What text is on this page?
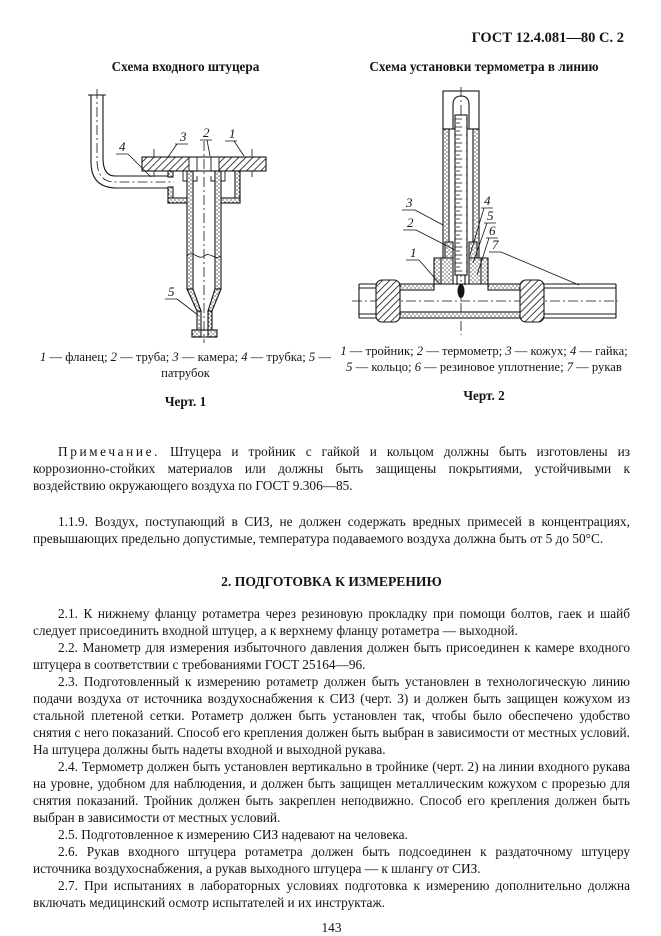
ГОСТ 12.4.081—80 С. 2
Схема входного штуцера
3 2 1
4
5
1 — фланец; 2 — труба; 3 — камера; 4 — трубка; 5 — патрубок
Черт. 1
Схема установки термометра в линию
3
2
4
5
6
7
1
1 — тройник; 2 — термометр; 3 — кожух; 4 — гайка; 5 — кольцо; 6 — резиновое уплотнение; 7 — рукав
Черт. 2

Примечание. Штуцера и тройник с гайкой и кольцом должны быть изготовлены из коррозионно-стойких материалов или должны быть защищены покрытиями, устойчивыми к воздействию окружающего воздуха по ГОСТ 9.306—85.

1.1.9. Воздух, поступающий в СИЗ, не должен содержать вредных примесей в концентрациях, превышающих предельно допустимые, температура подаваемого воздуха должна быть от 5 до 50°С.

2. ПОДГОТОВКА К ИЗМЕРЕНИЮ

2.1. К нижнему фланцу ротаметра через резиновую прокладку при помощи болтов, гаек и шайб следует присоединить входной штуцер, а к верхнему фланцу ротаметра — выходной.

2.2. Манометр для измерения избыточного давления должен быть присоединен к камере входного штуцера в соответствии с требованиями ГОСТ 25164—96.

2.3. Подготовленный к измерению ротаметр должен быть установлен в технологическую линию подачи воздуха от источника воздухоснабжения к СИЗ (черт. 3) и должен быть защищен кожухом из стальной плетеной сетки. Ротаметр должен быть установлен так, чтобы было обеспечено удобство снятия с него показаний. Способ его крепления должен быть выбран в зависимости от местных условий. На штуцера должны быть надеты входной и выходной рукава.

2.4. Термометр должен быть установлен вертикально в тройнике (черт. 2) на линии входного рукава на уровне, удобном для наблюдения, и должен быть защищен металлическим кожухом с прорезью для снятия показаний. Тройник должен быть закреплен неподвижно. Способ его крепления должен быть выбран в зависимости от местных условий.

2.5. Подготовленное к измерению СИЗ надевают на человека.

2.6. Рукав входного штуцера ротаметра должен быть подсоединен к раздаточному штуцеру источника воздухоснабжения, а рукав выходного штуцера — к шлангу от СИЗ.

2.7. При испытаниях в лабораторных условиях подготовка к измерению дополнительно должна включать медицинский осмотр испытателей и их инструктаж.

143
